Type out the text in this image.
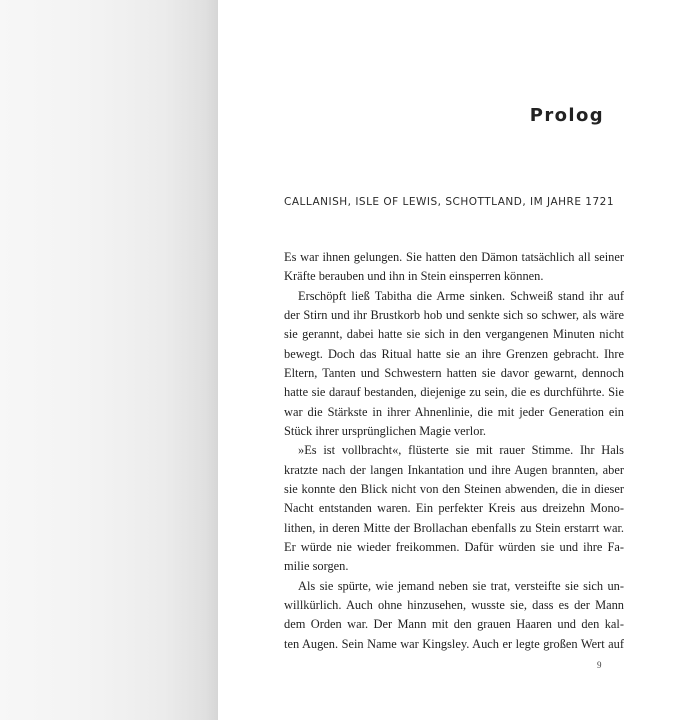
Prolog

CALLANISH, ISLE OF LEWIS, SCHOTTLAND, IM JAHRE 1721

Es war ihnen gelungen. Sie hatten den Dämon tatsächlich all seiner
Kräfte berauben und ihn in Stein einsperren können.
Erschöpft ließ Tabitha die Arme sinken. Schweiß stand ihr auf
der Stirn und ihr Brustkorb hob und senkte sich so schwer, als wäre
sie gerannt, dabei hatte sie sich in den vergangenen Minuten nicht
bewegt. Doch das Ritual hatte sie an ihre Grenzen gebracht. Ihre
Eltern, Tanten und Schwestern hatten sie davor gewarnt, dennoch
hatte sie darauf bestanden, diejenige zu sein, die es durchführte. Sie
war die Stärkste in ihrer Ahnenlinie, die mit jeder Generation ein
Stück ihrer ursprünglichen Magie verlor.
»Es ist vollbracht«, flüsterte sie mit rauer Stimme. Ihr Hals
kratzte nach der langen Inkantation und ihre Augen brannten, aber
sie konnte den Blick nicht von den Steinen abwenden, die in dieser
Nacht entstanden waren. Ein perfekter Kreis aus dreizehn Mono-
lithen, in deren Mitte der Brollachan ebenfalls zu Stein erstarrt war.
Er würde nie wieder freikommen. Dafür würden sie und ihre Fa-
milie sorgen.
Als sie spürte, wie jemand neben sie trat, versteifte sie sich un-
willkürlich. Auch ohne hinzusehen, wusste sie, dass es der Mann
dem Orden war. Der Mann mit den grauen Haaren und den kal-
ten Augen. Sein Name war Kingsley. Auch er legte großen Wert auf
9
